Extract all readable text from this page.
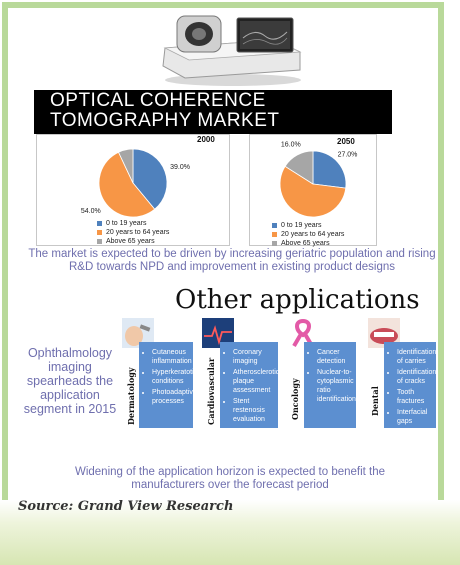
OPTICAL COHERENCE
TOMOGRAPHY MARKET
2000
39.0%
54.0%
0 to 19 years
20 years to 64 years
Above 65 years
2050
27.0%
16.0%
0 to 19 years
20 years to 64 years
Above 65 years
The market is expected to be driven by increasing geriatric population and rising R&D towards NPD and improvement in existing product designs
Other applications
Ophthalmology imaging spearheads the application segment in 2015
• Cutaneous inflammation
• Hyperkeratotic conditions
• Photoadaptive processes
Dermatology
• Coronary imaging
• Atherosclerotic plaque assessment
• Stent restenosis evaluation
Cardiovascular
• Cancer detection
• Nuclear-to-cytoplasmic ratio identification
Oncology
• Identification of carries
• Identification of cracks
• Tooth fractures
• Interfacial gaps
Dental
Widening of the application horizon is expected to benefit the manufacturers over the forecast period
Source: Grand View Research
